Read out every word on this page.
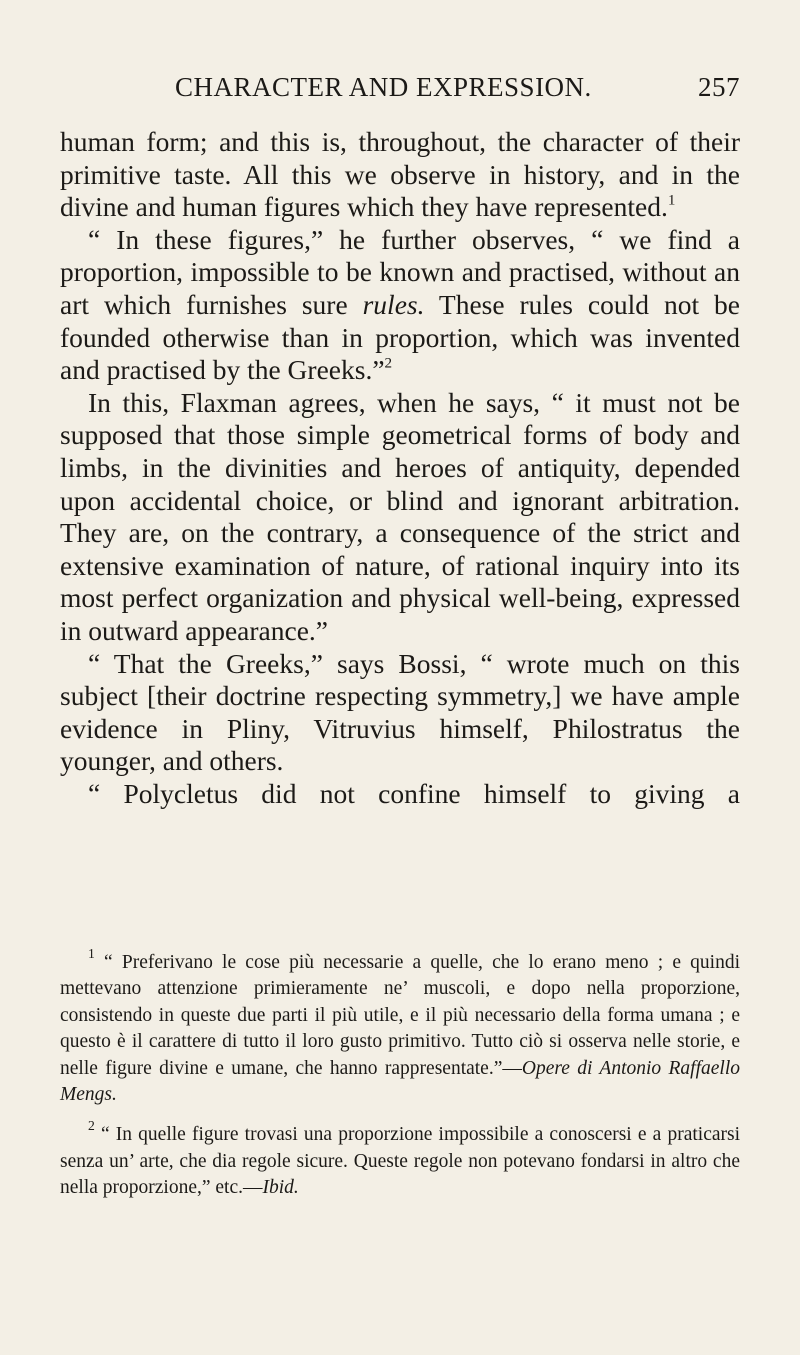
CHARACTER AND EXPRESSION.	257

human form; and this is, throughout, the character of their primitive taste. All this we observe in history, and in the divine and human figures which they have represented.$^1$

“ In these figures,” he further observes, “ we find a proportion, impossible to be known and practised, without an art which furnishes sure rules. These rules could not be founded otherwise than in proportion, which was invented and practised by the Greeks.”$^2$

In this, Flaxman agrees, when he says, “ it must not be supposed that those simple geometrical forms of body and limbs, in the divinities and heroes of antiquity, depended upon accidental choice, or blind and ignorant arbitration. They are, on the contrary, a consequence of the strict and extensive examination of nature, of rational inquiry into its most perfect organization and physical well-being, expressed in outward appearance.”

“ That the Greeks,” says Bossi, “ wrote much on this subject [their doctrine respecting symmetry,] we have ample evidence in Pliny, Vitruvius himself, Philostratus the younger, and others.

“ Polycletus did not confine himself to giving a

$^1$ “ Preferivano le cose più necessarie a quelle, che lo erano meno ; e quindi mettevano attenzione primieramente ne’ muscoli, e dopo nella proporzione, consistendo in queste due parti il più utile, e il più necessario della forma umana ; e questo è il carattere di tutto il loro gusto primitivo. Tutto ciò si osserva nelle storie, e nelle figure divine e umane, che hanno rappresentate.”—Opere di Antonio Raffaello Mengs.

$^2$ “ In quelle figure trovasi una proporzione impossibile a conoscersi e a praticarsi senza un’ arte, che dia regole sicure. Queste regole non potevano fondarsi in altro che nella proporzione,” etc.—Ibid.
